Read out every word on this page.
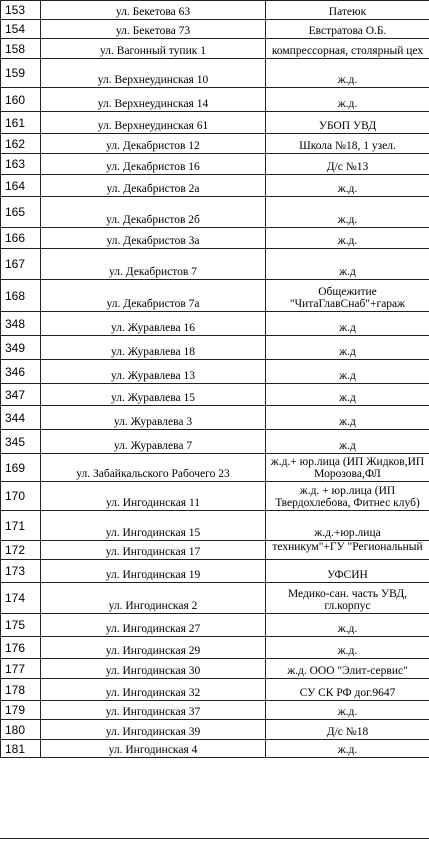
153	ул. Бекетова 63	Патеюк
154	ул. Бекетова 73	Евстратова О.Б.
158	ул. Вагонный тупик 1	компрессорная, столярный цех
159	ул. Верхнеудинская 10	ж.д.
160	ул. Верхнеудинская 14	ж.д.
161	ул. Верхнеудинская 61	УБОП УВД
162	ул. Декабристов 12	Школа №18, 1 узел.
163	ул. Декабристов 16	Д/с №13
164	ул. Декабристов 2а	ж.д.
165	ул. Декабристов 2б	ж.д.
166	ул. Декабристов 3а	ж.д.
167	ул. Декабристов 7	ж.д
168	ул. Декабристов 7а	Общежитие "ЧитаГлавСнаб"+гараж
348	ул. Журавлева 16	ж.д
349	ул. Журавлева 18	ж.д
346	ул. Журавлева 13	ж.д
347	ул. Журавлева 15	ж.д
344	ул. Журавлева 3	ж.д
345	ул. Журавлева 7	ж.д
169	ул. Забайкальского Рабочего 23	ж.д.+ юр.лица (ИП Жидков,ИП Морозова,ФЛ
170	ул. Ингодинская 11	ж.д. + юр.лица (ИП Твердохлебова, Фитнес клуб)
171	ул. Ингодинская 15	ж.д.+юр.лица
172	ул. Ингодинская 17	техникум"+ГУ "Региональный
173	ул. Ингодинская 19	УФСИН
174	ул. Ингодинская 2	Медико-сан. часть УВД, гл.корпус
175	ул. Ингодинская 27	ж.д.
176	ул. Ингодинская 29	ж.д.
177	ул. Ингодинская 30	ж.д. ООО "Элит-сервис"
178	ул. Ингодинская 32	СУ СК РФ дог.9647
179	ул. Ингодинская 37	ж.д.
180	ул. Ингодинская 39	Д/с №18
181	ул. Ингодинская 4	ж.д.
